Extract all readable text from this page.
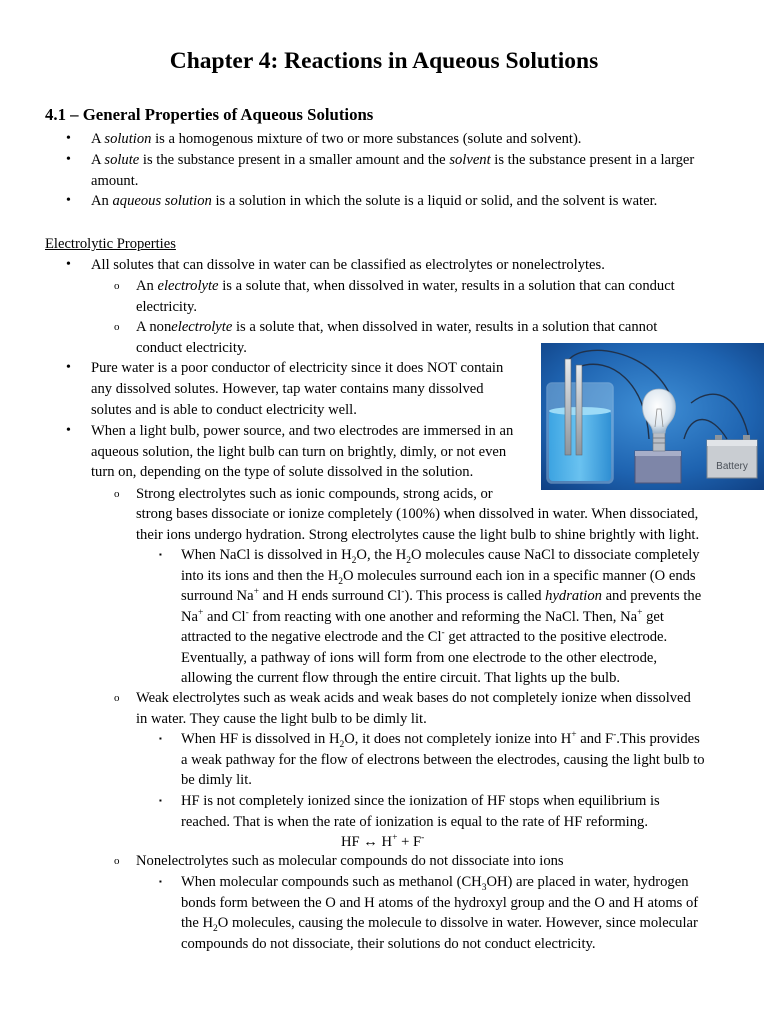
Chapter 4: Reactions in Aqueous Solutions
4.1 – General Properties of Aqueous Solutions
•
•
•
•
o
o
•
•
o
▪
o
▪
▪
o
▪
A solution is a homogenous mixture of two or more substances (solute and solvent).
A solute is the substance present in a smaller amount and the solvent is the substance present in a larger
amount.
An aqueous solution is a solution in which the solute is a liquid or solid, and the solvent is water.
Electrolytic Properties
All solutes that can dissolve in water can be classified as electrolytes or nonelectrolytes.
An electrolyte is a solute that, when dissolved in water, results in a solution that can conduct
electricity.
A nonelectrolyte is a solute that, when dissolved in water, results in a solution that cannot
conduct electricity.
Pure water is a poor conductor of electricity since it does NOT contain
any dissolved solutes. However, tap water contains many dissolved
solutes and is able to conduct electricity well.
When a light bulb, power source, and two electrodes are immersed in an
aqueous solution, the light bulb can turn on brightly, dimly, or not even
turn on, depending on the type of solute dissolved in the solution.
Strong electrolytes such as ionic compounds, strong acids, or
strong bases dissociate or ionize completely (100%) when dissolved in water. When dissociated,
their ions undergo hydration. Strong electrolytes cause the light bulb to shine brightly with light.
When NaCl is dissolved in $H_2O$, the $H_2O$ molecules cause NaCl to dissociate completely
into its ions and then the $H_2O$ molecules surround each ion in a specific manner (O ends
surround Na+ and H ends surround Cl-). This process is called hydration and prevents the
Na+ and Cl- from reacting with one another and reforming the NaCl. Then, Na+ get
attracted to the negative electrode and the Cl- get attracted to the positive electrode.
Eventually, a pathway of ions will form from one electrode to the other electrode,
allowing the current flow through the entire circuit. That lights up the bulb.
Weak electrolytes such as weak acids and weak bases do not completely ionize when dissolved
in water. They cause the light bulb to be dimly lit.
When HF is dissolved in $H_2O$, it does not completely ionize into H+ and F-.This provides
a weak pathway for the flow of electrons between the electrodes, causing the light bulb to
be dimly lit.
HF is not completely ionized since the ionization of HF stops when equilibrium is
reached. That is when the rate of ionization is equal to the rate of HF reforming.
HF ↔ H+ + F-
Nonelectrolytes such as molecular compounds do not dissociate into ions
When molecular compounds such as methanol $(CH_3OH)$ are placed in water, hydrogen
bonds form between the O and H atoms of the hydroxyl group and the O and H atoms of
the $H_2O$ molecules, causing the molecule to dissolve in water. However, since molecular
compounds do not dissociate, their solutions do not conduct electricity.
Battery
